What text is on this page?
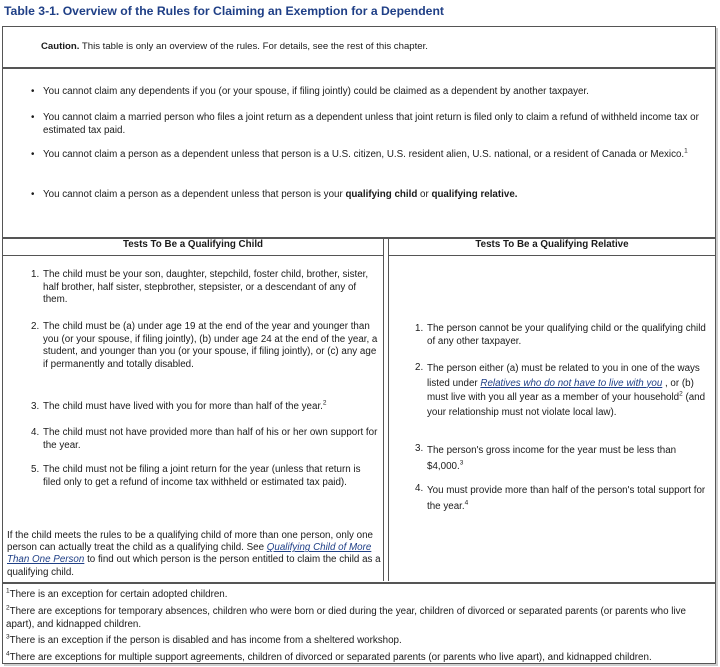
Table 3-1. Overview of the Rules for Claiming an Exemption for a Dependent
Caution. This table is only an overview of the rules. For details, see the rest of this chapter.
• You cannot claim any dependents if you (or your spouse, if filing jointly) could be claimed as a dependent by another taxpayer.
• You cannot claim a married person who files a joint return as a dependent unless that joint return is filed only to claim a refund of withheld income tax or estimated tax paid.
• You cannot claim a person as a dependent unless that person is a U.S. citizen, U.S. resident alien, U.S. national, or a resident of Canada or Mexico.$^1$
• You cannot claim a person as a dependent unless that person is your qualifying child or qualifying relative.
Tests To Be a Qualifying Child	Tests To Be a Qualifying Relative
1. The child must be your son, daughter, stepchild, foster child, brother, sister, half brother, half sister, stepbrother, stepsister, or a descendant of any of them.
2. The child must be (a) under age 19 at the end of the year and younger than you (or your spouse, if filing jointly), (b) under age 24 at the end of the year, a student, and younger than you (or your spouse, if filing jointly), or (c) any age if permanently and totally disabled.
3. The child must have lived with you for more than half of the year.$^2$
4. The child must not have provided more than half of his or her own support for the year.
5. The child must not be filing a joint return for the year (unless that return is filed only to get a refund of income tax withheld or estimated tax paid).
If the child meets the rules to be a qualifying child of more than one person, only one person can actually treat the child as a qualifying child. See Qualifying Child of More Than One Person to find out which person is the person entitled to claim the child as a qualifying child.
1. The person cannot be your qualifying child or the qualifying child of any other taxpayer.
2. The person either (a) must be related to you in one of the ways listed under Relatives who do not have to live with you , or (b) must live with you all year as a member of your household$^2$ (and your relationship must not violate local law).
3. The person's gross income for the year must be less than $4,000.$^3$
4. You must provide more than half of the person's total support for the year.$^4$
$^1$There is an exception for certain adopted children.
$^2$There are exceptions for temporary absences, children who were born or died during the year, children of divorced or separated parents (or parents who live apart), and kidnapped children.
$^3$There is an exception if the person is disabled and has income from a sheltered workshop.
$^4$There are exceptions for multiple support agreements, children of divorced or separated parents (or parents who live apart), and kidnapped children.
